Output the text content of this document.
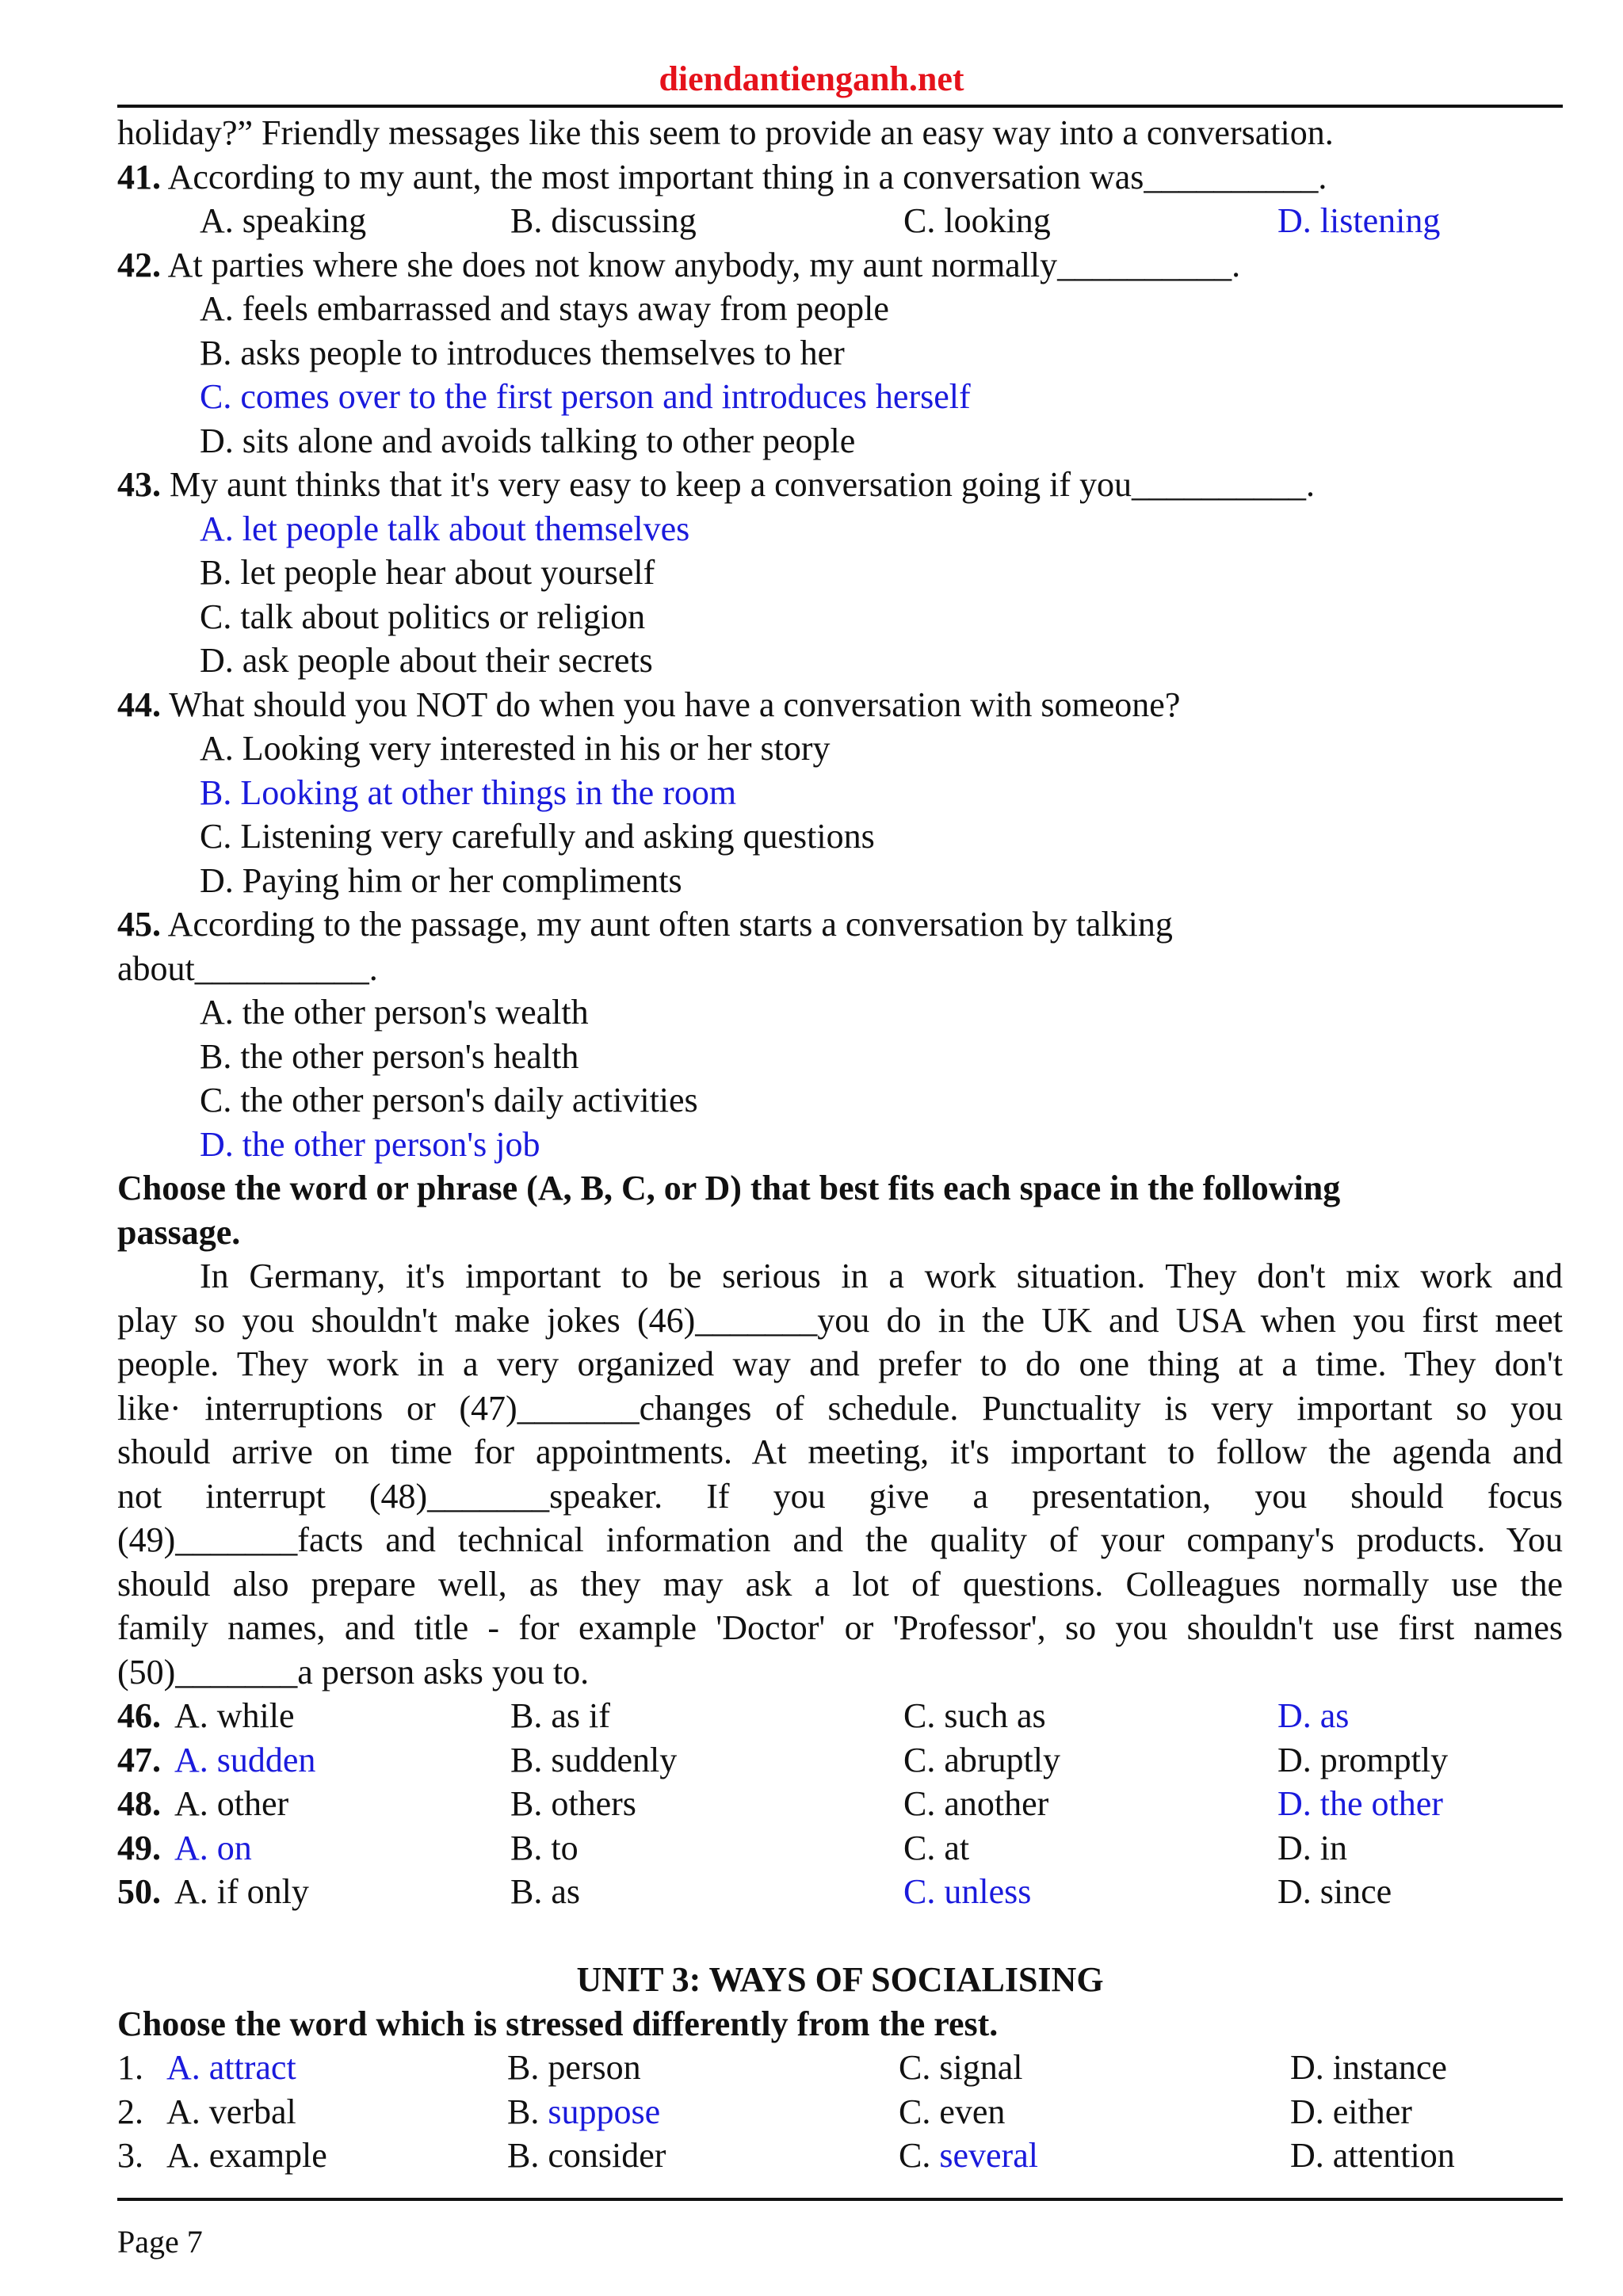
diendantienganh.net
holiday?” Friendly messages like this seem to provide an easy way into a conversation.
41. According to my aunt, the most important thing in a conversation was__________.
A. speaking	B. discussing	C. looking	D. listening
42. At parties where she does not know anybody, my aunt normally__________.
A. feels embarrassed and stays away from people
B. asks people to introduces themselves to her
C. comes over to the first person and introduces herself
D. sits alone and avoids talking to other people
43. My aunt thinks that it's very easy to keep a conversation going if you__________.
A. let people talk about themselves
B. let people hear about yourself
C. talk about politics or religion
D. ask people about their secrets
44. What should you NOT do when you have a conversation with someone?
A. Looking very interested in his or her story
B. Looking at other things in the room
C. Listening very carefully and asking questions
D. Paying him or her compliments
45. According to the passage, my aunt often starts a conversation by talking
about__________.
A. the other person's wealth
B. the other person's health
C. the other person's daily activities
D. the other person's job
Choose the word or phrase (A, B, C, or D) that best fits each space in the following
passage.
In Germany, it's important to be serious in a work situation. They don't mix work and
play so you shouldn't make jokes (46)_______you do in the UK and USA when you first meet
people. They work in a very organized way and prefer to do one thing at a time. They don't
like· interruptions or (47)_______changes of schedule. Punctuality is very important so you
should arrive on time for appointments. At meeting, it's important to follow the agenda and
not interrupt (48)_______speaker. If you give a presentation, you should focus
(49)_______facts and technical information and the quality of your company's products. You
should also prepare well, as they may ask a lot of questions. Colleagues normally use the
family names, and title - for example 'Doctor' or 'Professor', so you shouldn't use first names
(50)_______a person asks you to.
46. A. while	B. as if	C. such as	D. as
47. A. sudden	B. suddenly	C. abruptly	D. promptly
48. A. other	B. others	C. another	D. the other
49. A. on	B. to	C. at	D. in
50. A. if only	B. as	C. unless	D. since
UNIT 3: WAYS OF SOCIALISING
Choose the word which is stressed differently from the rest.
1. A. attract	B. person	C. signal	D. instance
2. A. verbal	B. suppose	C. even	D. either
3. A. example	B. consider	C. several	D. attention
Page 7
